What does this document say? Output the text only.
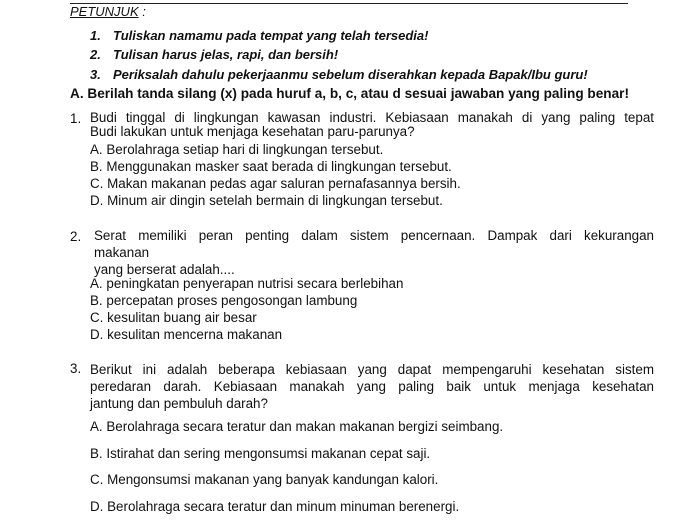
PETUNJUK :
1. Tuliskan namamu pada tempat yang telah tersedia!
2. Tulisan harus jelas, rapi, dan bersih!
3. Periksalah dahulu pekerjaanmu sebelum diserahkan kepada Bapak/Ibu guru!
A. Berilah tanda silang (x) pada huruf a, b, c, atau d sesuai jawaban yang paling benar!
1. Budi tinggal di lingkungan kawasan industri. Kebiasaan manakah di yang paling tepat
Budi lakukan untuk menjaga kesehatan paru-parunya?
A. Berolahraga setiap hari di lingkungan tersebut.
B. Menggunakan masker saat berada di lingkungan tersebut.
C. Makan makanan pedas agar saluran pernafasannya bersih.
D. Minum air dingin setelah bermain di lingkungan tersebut.
2. Serat memiliki peran penting dalam sistem pencernaan. Dampak dari kekurangan
makanan
yang berserat adalah....
A. peningkatan penyerapan nutrisi secara berlebihan
B. percepatan proses pengosongan lambung
C. kesulitan buang air besar
D. kesulitan mencerna makanan
3. Berikut ini adalah beberapa kebiasaan yang dapat mempengaruhi kesehatan sistem
peredaran darah. Kebiasaan manakah yang paling baik untuk menjaga kesehatan
jantung dan pembuluh darah?
A. Berolahraga secara teratur dan makan makanan bergizi seimbang.
B. Istirahat dan sering mengonsumsi makanan cepat saji.
C. Mengonsumsi makanan yang banyak kandungan kalori.
D. Berolahraga secara teratur dan minum minuman berenergi.
